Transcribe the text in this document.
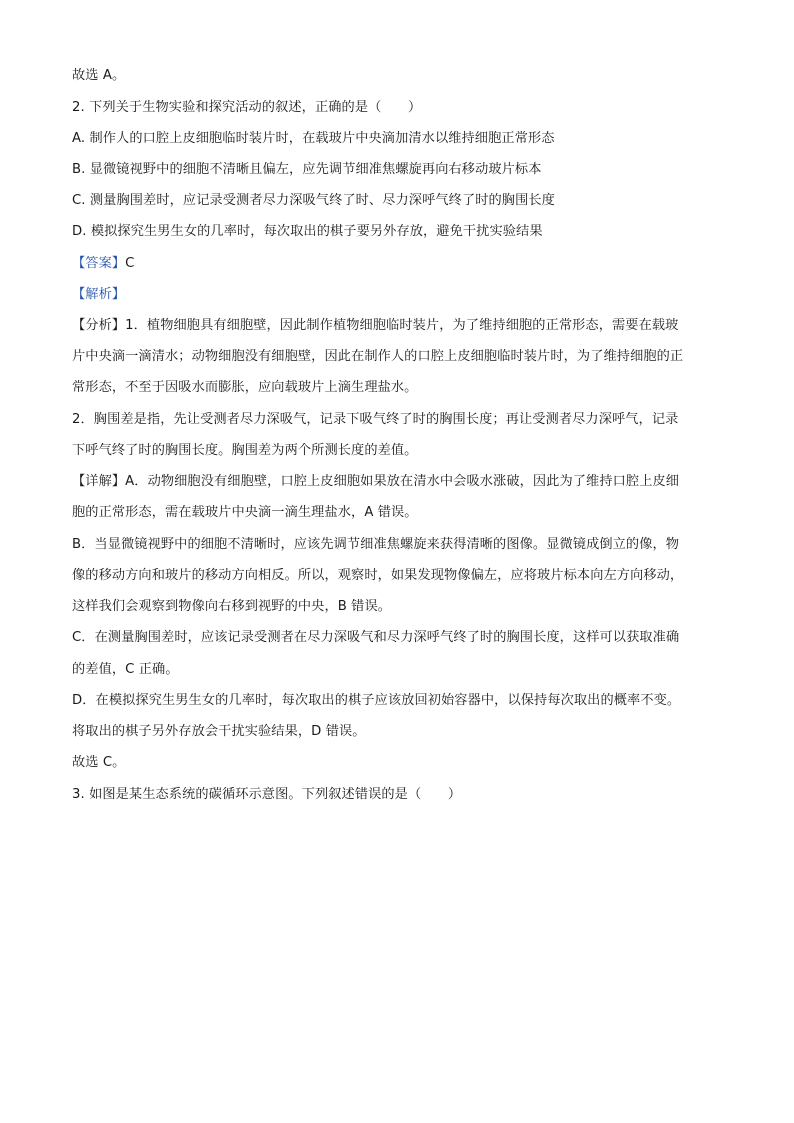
故选 A。
2. 下列关于生物实验和探究活动的叙述，正确的是（　　）
A. 制作人的口腔上皮细胞临时装片时，在载玻片中央滴加清水以维持细胞正常形态
B. 显微镜视野中的细胞不清晰且偏左，应先调节细准焦螺旋再向右移动玻片标本
C. 测量胸围差时，应记录受测者尽力深吸气终了时、尽力深呼气终了时的胸围长度
D. 模拟探究生男生女的几率时，每次取出的棋子要另外存放，避免干扰实验结果
【答案】C
【解析】
【分析】1．植物细胞具有细胞壁，因此制作植物细胞临时装片，为了维持细胞的正常形态，需要在载玻
片中央滴一滴清水；动物细胞没有细胞壁，因此在制作人的口腔上皮细胞临时装片时，为了维持细胞的正
常形态，不至于因吸水而膨胀，应向载玻片上滴生理盐水。
2．胸围差是指，先让受测者尽力深吸气，记录下吸气终了时的胸围长度；再让受测者尽力深呼气，记录
下呼气终了时的胸围长度。胸围差为两个所测长度的差值。
【详解】A．动物细胞没有细胞壁，口腔上皮细胞如果放在清水中会吸水涨破，因此为了维持口腔上皮细
胞的正常形态，需在载玻片中央滴一滴生理盐水，A 错误。
B．当显微镜视野中的细胞不清晰时，应该先调节细准焦螺旋来获得清晰的图像。显微镜成倒立的像，物
像的移动方向和玻片的移动方向相反。所以，观察时，如果发现物像偏左，应将玻片标本向左方向移动，
这样我们会观察到物像向右移到视野的中央，B 错误。
C．在测量胸围差时，应该记录受测者在尽力深吸气和尽力深呼气终了时的胸围长度，这样可以获取准确
的差值，C 正确。
D．在模拟探究生男生女的几率时，每次取出的棋子应该放回初始容器中，以保持每次取出的概率不变。
将取出的棋子另外存放会干扰实验结果，D 错误。
故选 C。
3. 如图是某生态系统的碳循环示意图。下列叙述错误的是（　　）
